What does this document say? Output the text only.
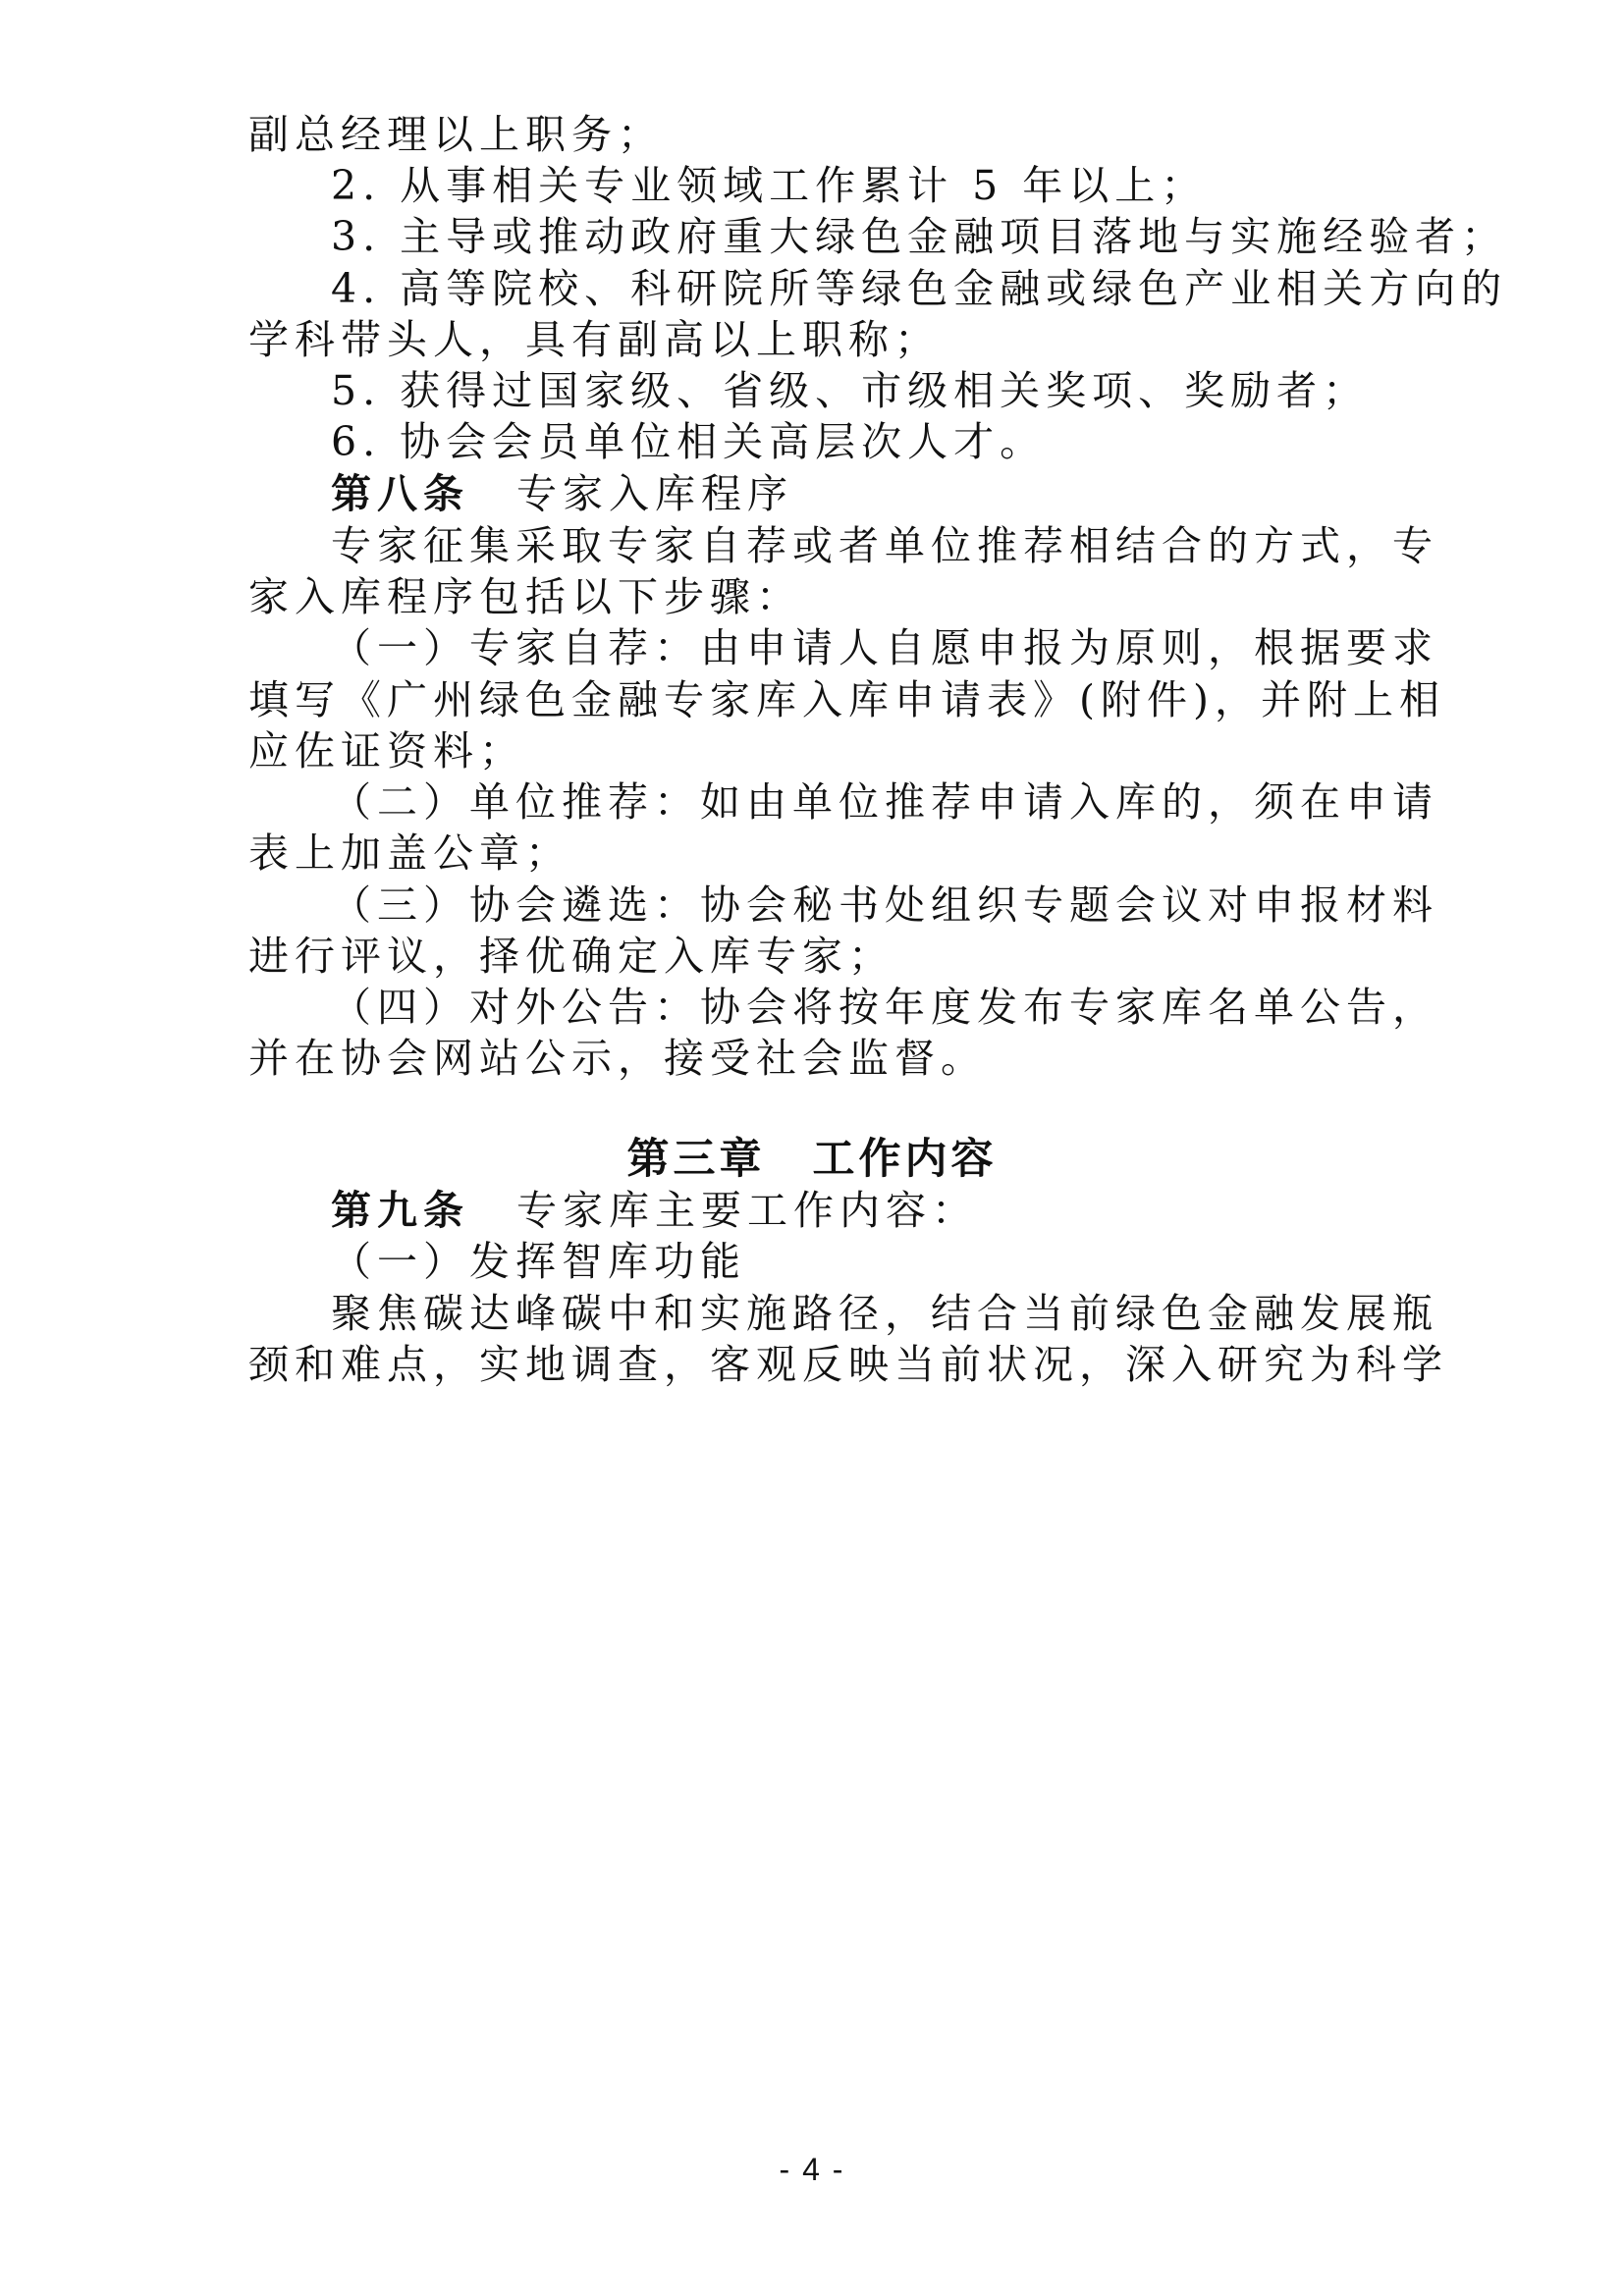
副总经理以上职务；
2. 从事相关专业领域工作累计 5 年以上；
3. 主导或推动政府重大绿色金融项目落地与实施经验者；
4. 高等院校、科研院所等绿色金融或绿色产业相关方向的
学科带头人，具有副高以上职称；
5. 获得过国家级、省级、市级相关奖项、奖励者；
6. 协会会员单位相关高层次人才。
第八条 专家入库程序
专家征集采取专家自荐或者单位推荐相结合的方式，专
家入库程序包括以下步骤：
（一）专家自荐：由申请人自愿申报为原则，根据要求
填写《广州绿色金融专家库入库申请表》(附件)，并附上相
应佐证资料；
（二）单位推荐：如由单位推荐申请入库的，须在申请
表上加盖公章；
（三）协会遴选：协会秘书处组织专题会议对申报材料
进行评议，择优确定入库专家；
（四）对外公告：协会将按年度发布专家库名单公告，
并在协会网站公示，接受社会监督。
第三章 工作内容
第九条 专家库主要工作内容：
（一）发挥智库功能
聚焦碳达峰碳中和实施路径，结合当前绿色金融发展瓶
颈和难点，实地调查，客观反映当前状况，深入研究为科学
- 4 -
